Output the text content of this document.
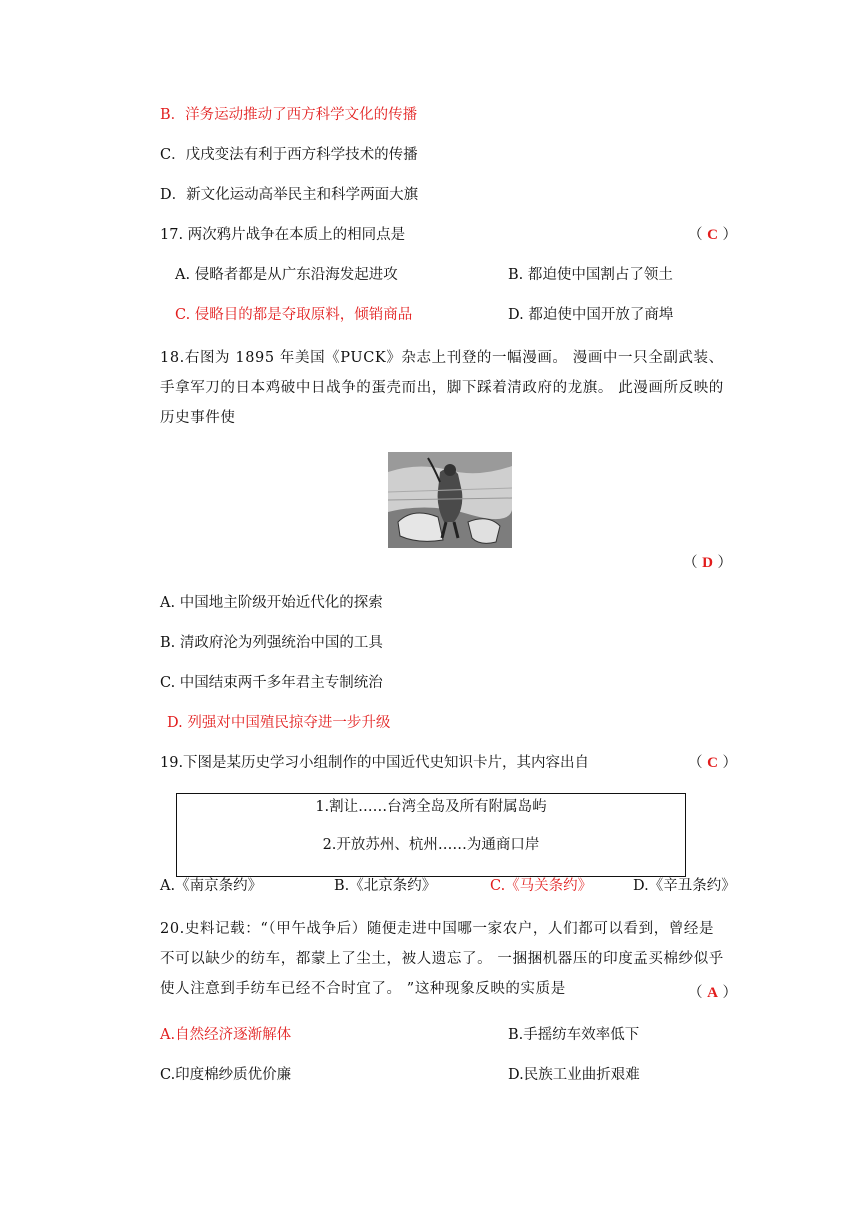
B．洋务运动推动了西方科学文化的传播
C．戊戌变法有利于西方科学技术的传播
D．新文化运动高举民主和科学两面大旗
17. 两次鸦片战争在本质上的相同点是	（ C ）
A. 侵略者都是从广东沿海发起进攻	B. 都迫使中国割占了领土
C. 侵略目的都是夺取原料，倾销商品	D. 都迫使中国开放了商埠
18.右图为 1895 年美国《PUCK》杂志上刊登的一幅漫画。 漫画中一只全副武装、手拿军刀的日本鸡破中日战争的蛋壳而出，脚下踩着清政府的龙旗。 此漫画所反映的历史事件使
（ D ）
A. 中国地主阶级开始近代化的探索
B. 清政府沦为列强统治中国的工具
C. 中国结束两千多年君主专制统治
D. 列强对中国殖民掠夺进一步升级
19.下图是某历史学习小组制作的中国近代史知识卡片，其内容出自	（ C ）
1.割让……台湾全岛及所有附属岛屿
2.开放苏州、杭州……为通商口岸
A.《南京条约》	B.《北京条约》	C.《马关条约》	D.《辛丑条约》
20.史料记载：“（甲午战争后）随便走进中国哪一家农户，人们都可以看到，曾经是不可以缺少的纺车，都蒙上了尘土，被人遗忘了。 一捆捆机器压的印度孟买棉纱似乎使人注意到手纺车已经不合时宜了。 ”这种现象反映的实质是	（ A ）
A.自然经济逐渐解体	B.手摇纺车效率低下
C.印度棉纱质优价廉	D.民族工业曲折艰难
